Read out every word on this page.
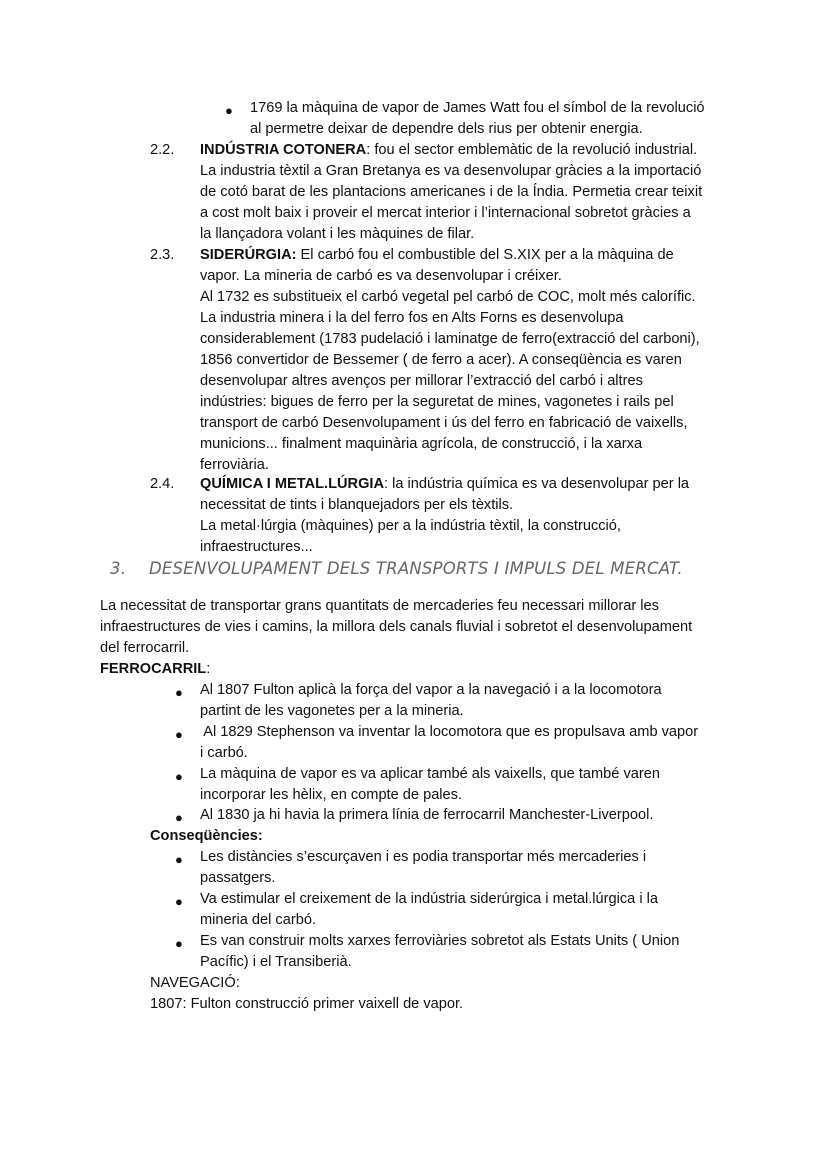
● 1769 la màquina de vapor de James Watt fou el símbol de la revolució

al permetre deixar de dependre dels rius per obtenir energia.

2.2. INDÚSTRIA COTONERA: fou el sector emblemàtic de la revolució industrial.

La industria tèxtil a Gran Bretanya es va desenvolupar gràcies a la importació

de cotó barat de les plantacions americanes i de la Índia. Permetia crear teixit

a cost molt baix i proveir el mercat interior i l’internacional sobretot gràcies a

la llançadora volant i les màquines de filar.

2.3. SIDERÚRGIA: El carbó fou el combustible del S.XIX per a la màquina de

vapor. La mineria de carbó es va desenvolupar i créixer.

Al 1732 es substitueix el carbó vegetal pel carbó de COC, molt més calorífic.

La industria minera i la del ferro fos en Alts Forns es desenvolupa

considerablement (1783 pudelació i laminatge de ferro(extracció del carboni),

1856 convertidor de Bessemer ( de ferro a acer). A conseqüència es varen

desenvolupar altres avenços per millorar l’extracció del carbó i altres

indústries: bigues de ferro per la seguretat de mines, vagonetes i rails pel

transport de carbó Desenvolupament i ús del ferro en fabricació de vaixells,

municions... finalment maquinària agrícola, de construcció, i la xarxa

ferroviària.

2.4. QUÍMICA I METAL.LÚRGIA: la indústria química es va desenvolupar per la

necessitat de tints i blanquejadors per els tèxtils.

La metal·lúrgia (màquines) per a la indústria tèxtil, la construcció,

infraestructures...

3. DESENVOLUPAMENT DELS TRANSPORTS I IMPULS DEL MERCAT.

La necessitat de transportar grans quantitats de mercaderies feu necessari millorar les

infraestructures de vies i camins, la millora dels canals fluvial i sobretot el desenvolupament

del ferrocarril.

FERROCARRIL:

● Al 1807 Fulton aplicà la força del vapor a la navegació i a la locomotora

partint de les vagonetes per a la mineria.

● Al 1829 Stephenson va inventar la locomotora que es propulsava amb vapor

i carbó.

● La màquina de vapor es va aplicar també als vaixells, que també varen

incorporar les hèlix, en compte de pales.

● Al 1830 ja hi havia la primera línia de ferrocarril Manchester-Liverpool.

Conseqüències:

● Les distàncies s’escurçaven i es podia transportar més mercaderies i

passatgers.

● Va estimular el creixement de la indústria siderúrgica i metal.lúrgica i la

mineria del carbó.

● Es van construir molts xarxes ferroviàries sobretot als Estats Units ( Union

Pacífic) i el Transiberià.

NAVEGACIÓ:

1807: Fulton construcció primer vaixell de vapor.
